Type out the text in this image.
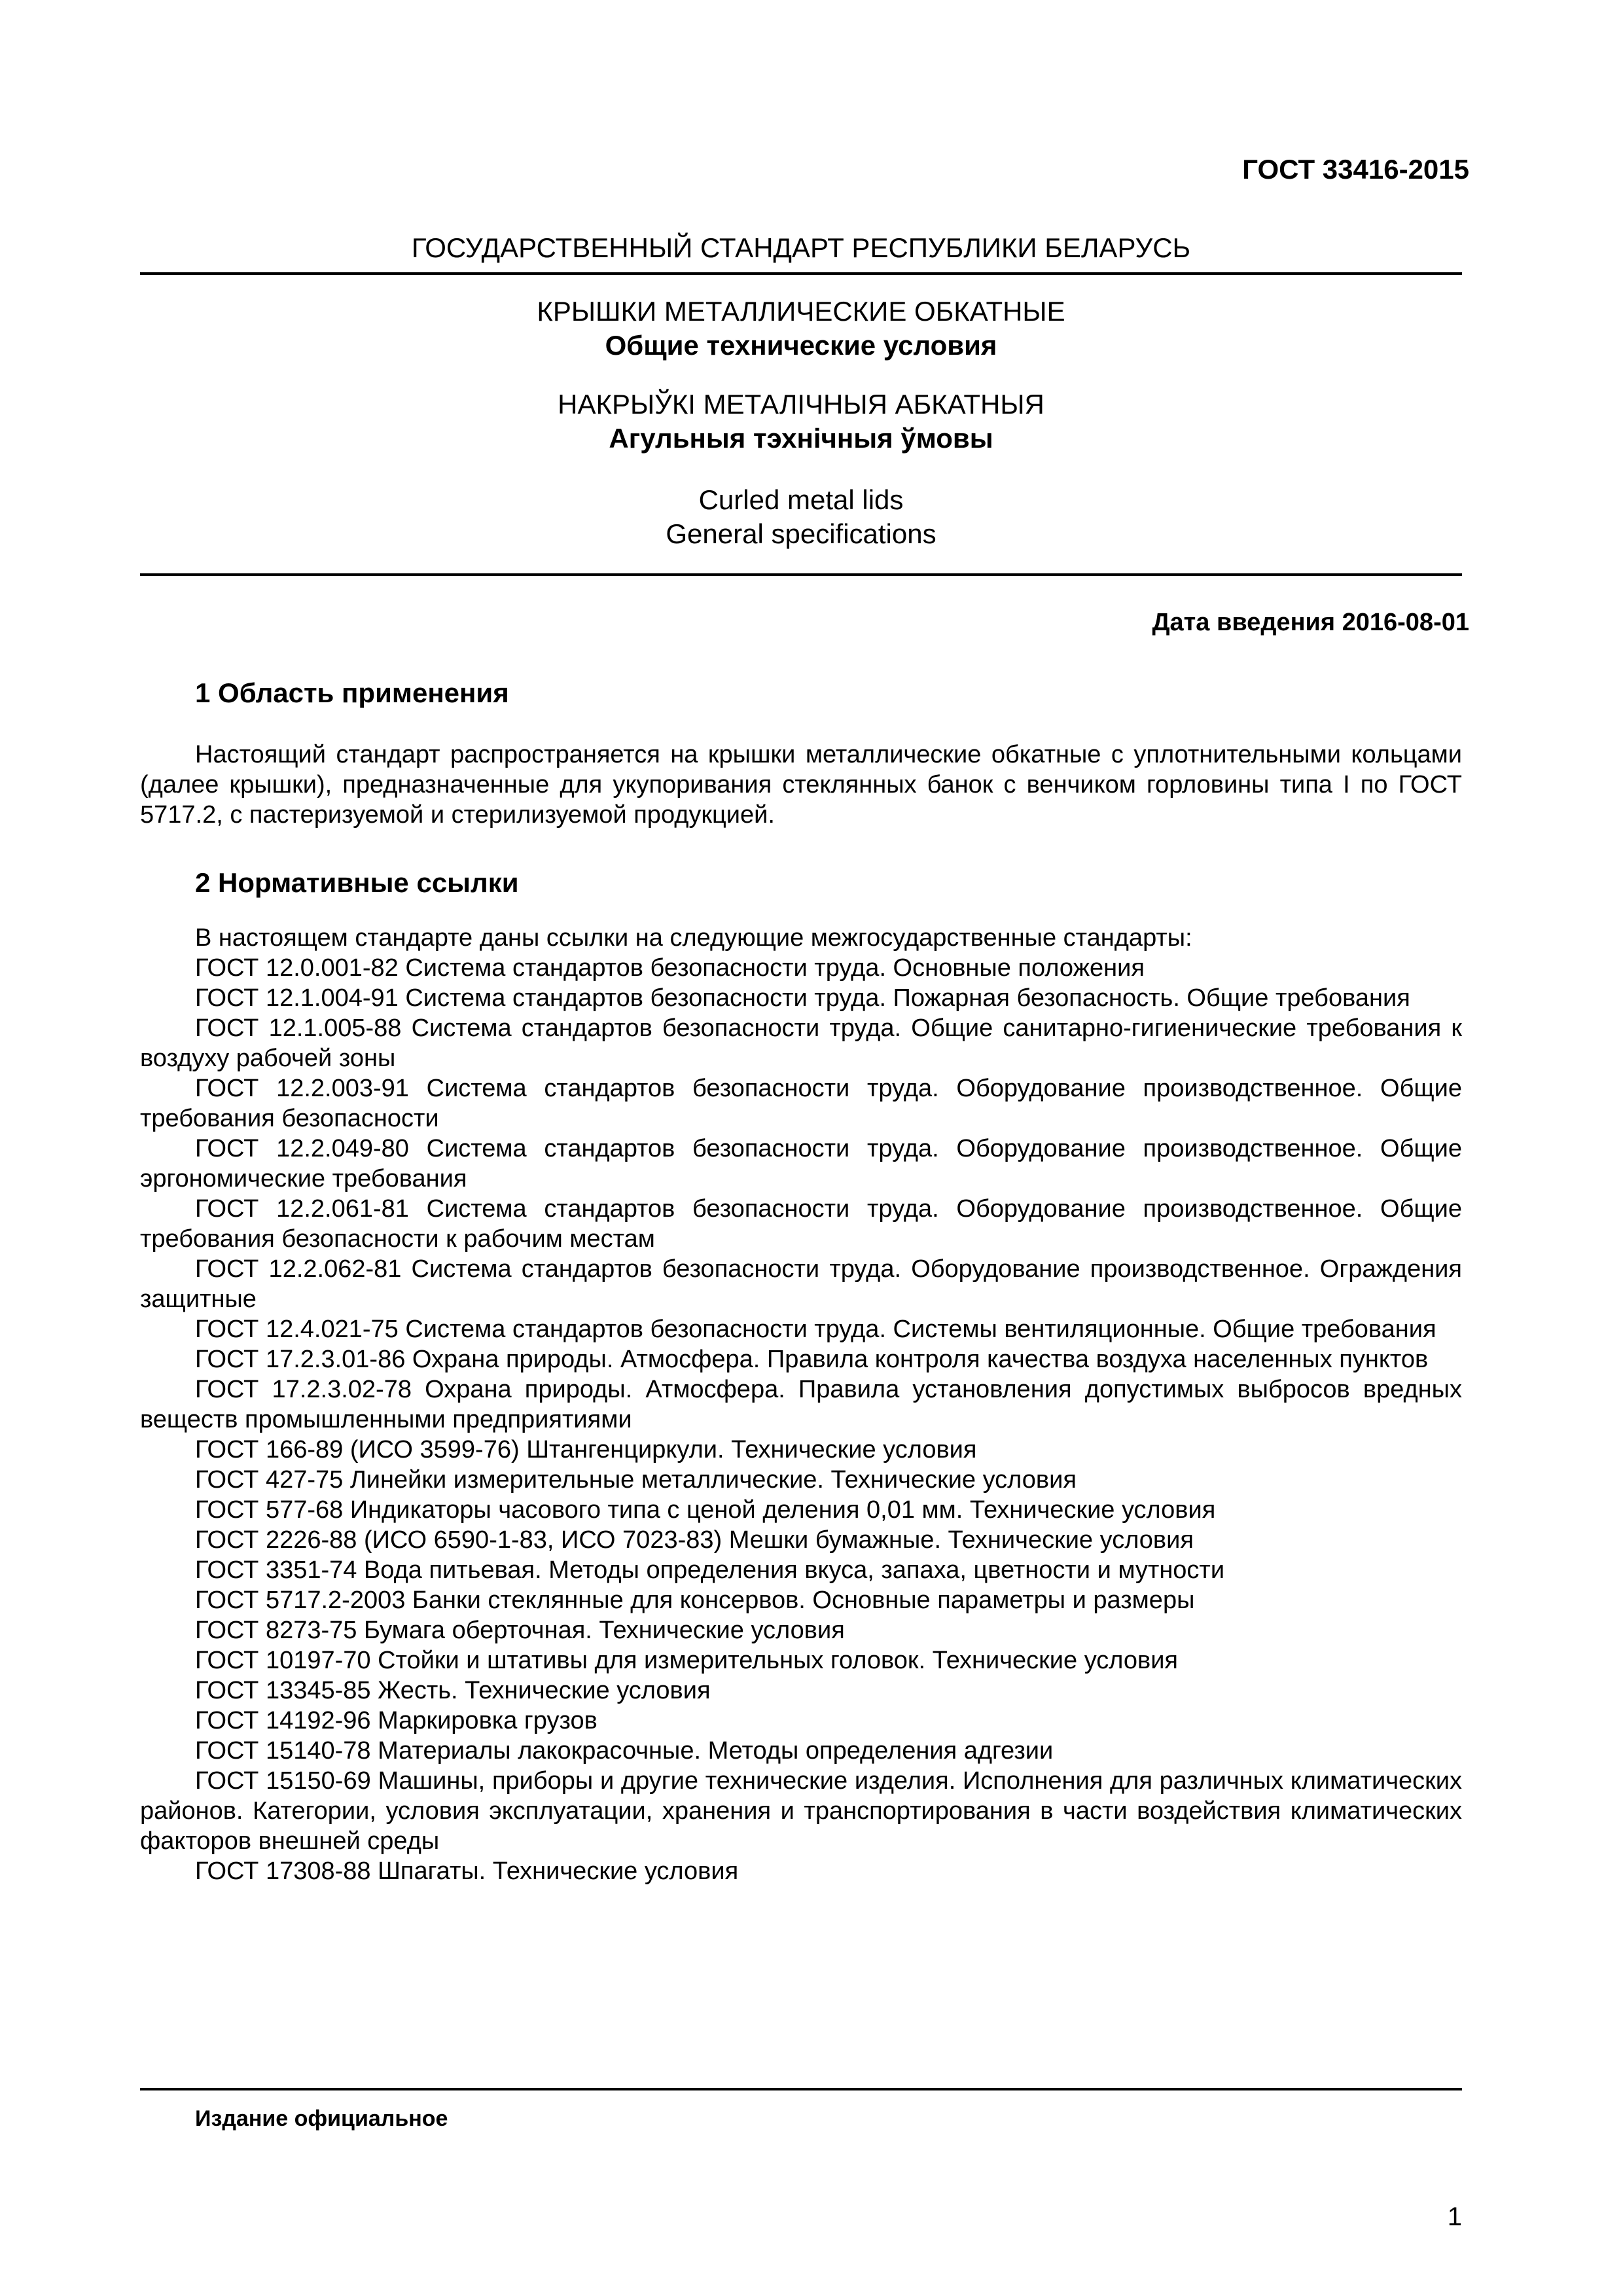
ГОСТ 33416-2015
ГОСУДАРСТВЕННЫЙ СТАНДАРТ РЕСПУБЛИКИ БЕЛАРУСЬ
КРЫШКИ МЕТАЛЛИЧЕСКИЕ ОБКАТНЫЕ
Общие технические условия
НАКРЫЎКІ МЕТАЛІЧНЫЯ АБКАТНЫЯ
Агульныя тэхнічныя ўмовы
Curled metal lids
General specifications
Дата введения 2016-08-01
1 Область применения
Настоящий стандарт распространяется на крышки металлические обкатные с уплотнительными кольцами (далее крышки), предназначенные для укупоривания стеклянных банок с венчиком горловины типа I по ГОСТ 5717.2, с пастеризуемой и стерилизуемой продукцией.
2 Нормативные ссылки
В настоящем стандарте даны ссылки на следующие межгосударственные стандарты:
ГОСТ 12.0.001-82 Система стандартов безопасности труда. Основные положения
ГОСТ 12.1.004-91 Система стандартов безопасности труда. Пожарная безопасность. Общие требования
ГОСТ 12.1.005-88 Система стандартов безопасности труда. Общие санитарно-гигиенические требования к воздуху рабочей зоны
ГОСТ 12.2.003-91 Система стандартов безопасности труда. Оборудование производственное. Общие требования безопасности
ГОСТ 12.2.049-80 Система стандартов безопасности труда. Оборудование производственное. Общие эргономические требования
ГОСТ 12.2.061-81 Система стандартов безопасности труда. Оборудование производственное. Общие требования безопасности к рабочим местам
ГОСТ 12.2.062-81 Система стандартов безопасности труда. Оборудование производственное. Ограждения защитные
ГОСТ 12.4.021-75 Система стандартов безопасности труда. Системы вентиляционные. Общие требования
ГОСТ 17.2.3.01-86 Охрана природы. Атмосфера. Правила контроля качества воздуха населенных пунктов
ГОСТ 17.2.3.02-78 Охрана природы. Атмосфера. Правила установления допустимых выбросов вредных веществ промышленными предприятиями
ГОСТ 166-89 (ИСО 3599-76) Штангенциркули. Технические условия
ГОСТ 427-75 Линейки измерительные металлические. Технические условия
ГОСТ 577-68 Индикаторы часового типа с ценой деления 0,01 мм. Технические условия
ГОСТ 2226-88 (ИСО 6590-1-83, ИСО 7023-83) Мешки бумажные. Технические условия
ГОСТ 3351-74 Вода питьевая. Методы определения вкуса, запаха, цветности и мутности
ГОСТ 5717.2-2003 Банки стеклянные для консервов. Основные параметры и размеры
ГОСТ 8273-75 Бумага оберточная. Технические условия
ГОСТ 10197-70 Стойки и штативы для измерительных головок. Технические условия
ГОСТ 13345-85 Жесть. Технические условия
ГОСТ 14192-96 Маркировка грузов
ГОСТ 15140-78 Материалы лакокрасочные. Методы определения адгезии
ГОСТ 15150-69 Машины, приборы и другие технические изделия. Исполнения для различных климатических районов. Категории, условия эксплуатации, хранения и транспортирования в части воздействия климатических факторов внешней среды
ГОСТ 17308-88 Шпагаты. Технические условия
Издание официальное
1
